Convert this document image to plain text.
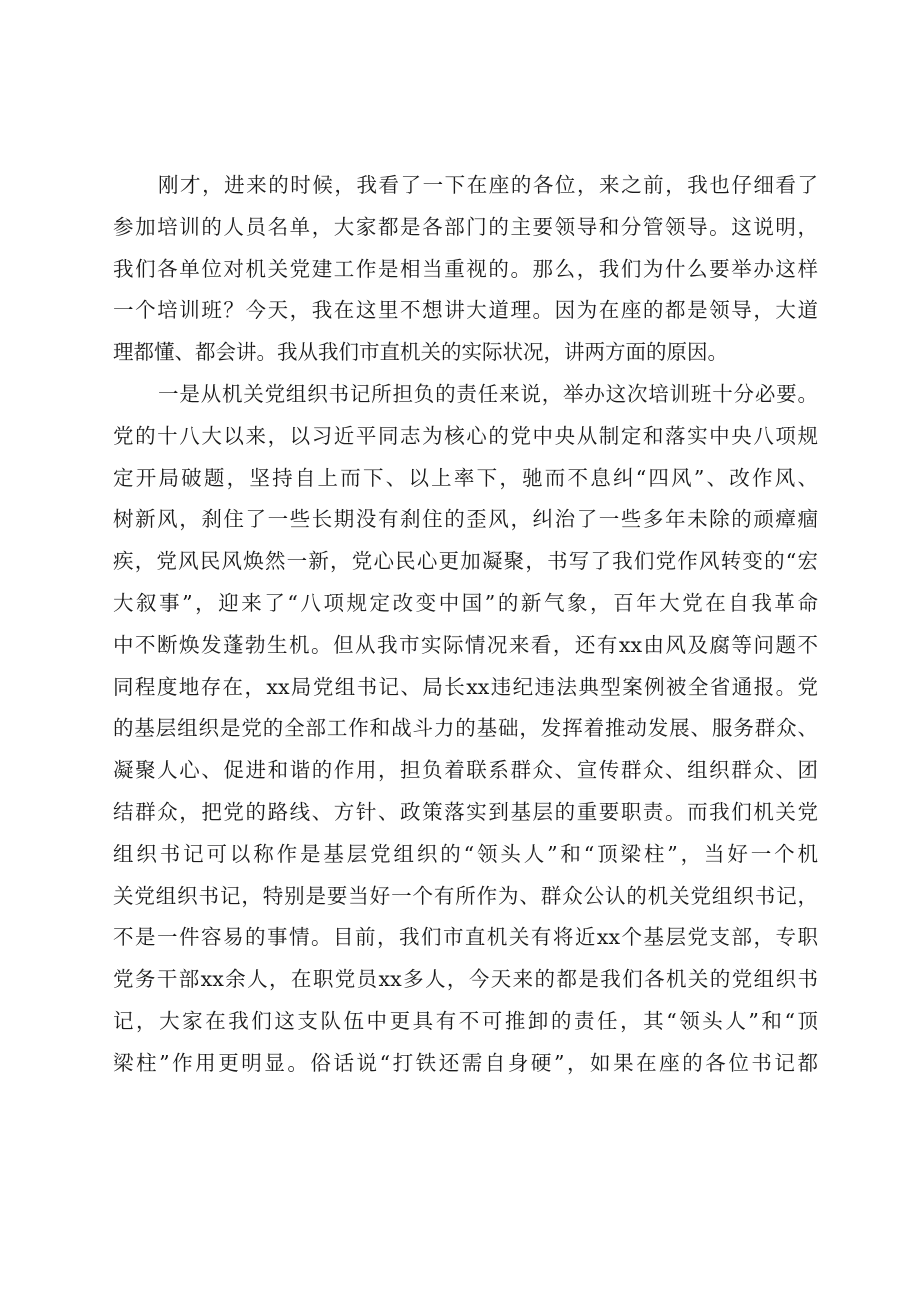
刚才，进来的时候，我看了一下在座的各位，来之前，我也仔细看了
参加培训的人员名单，大家都是各部门的主要领导和分管领导。这说明，
我们各单位对机关党建工作是相当重视的。那么，我们为什么要举办这样
一个培训班？今天，我在这里不想讲大道理。因为在座的都是领导，大道
理都懂、都会讲。我从我们市直机关的实际状况，讲两方面的原因。
一是从机关党组织书记所担负的责任来说，举办这次培训班十分必要。
党的十八大以来，以习近平同志为核心的党中央从制定和落实中央八项规
定开局破题，坚持自上而下、以上率下，驰而不息纠“四风”、改作风、
树新风，刹住了一些长期没有刹住的歪风，纠治了一些多年未除的顽瘴痼
疾，党风民风焕然一新，党心民心更加凝聚，书写了我们党作风转变的“宏
大叙事”，迎来了“八项规定改变中国”的新气象，百年大党在自我革命
中不断焕发蓬勃生机。但从我市实际情况来看，还有xx由风及腐等问题不
同程度地存在，xx局党组书记、局长xx违纪违法典型案例被全省通报。党
的基层组织是党的全部工作和战斗力的基础，发挥着推动发展、服务群众、
凝聚人心、促进和谐的作用，担负着联系群众、宣传群众、组织群众、团
结群众，把党的路线、方针、政策落实到基层的重要职责。而我们机关党
组织书记可以称作是基层党组织的“领头人”和“顶梁柱”，当好一个机
关党组织书记，特别是要当好一个有所作为、群众公认的机关党组织书记，
不是一件容易的事情。目前，我们市直机关有将近xx个基层党支部，专职
党务干部xx余人，在职党员xx多人，今天来的都是我们各机关的党组织书
记，大家在我们这支队伍中更具有不可推卸的责任，其“领头人”和“顶
梁柱”作用更明显。俗话说“打铁还需自身硬”，如果在座的各位书记都
